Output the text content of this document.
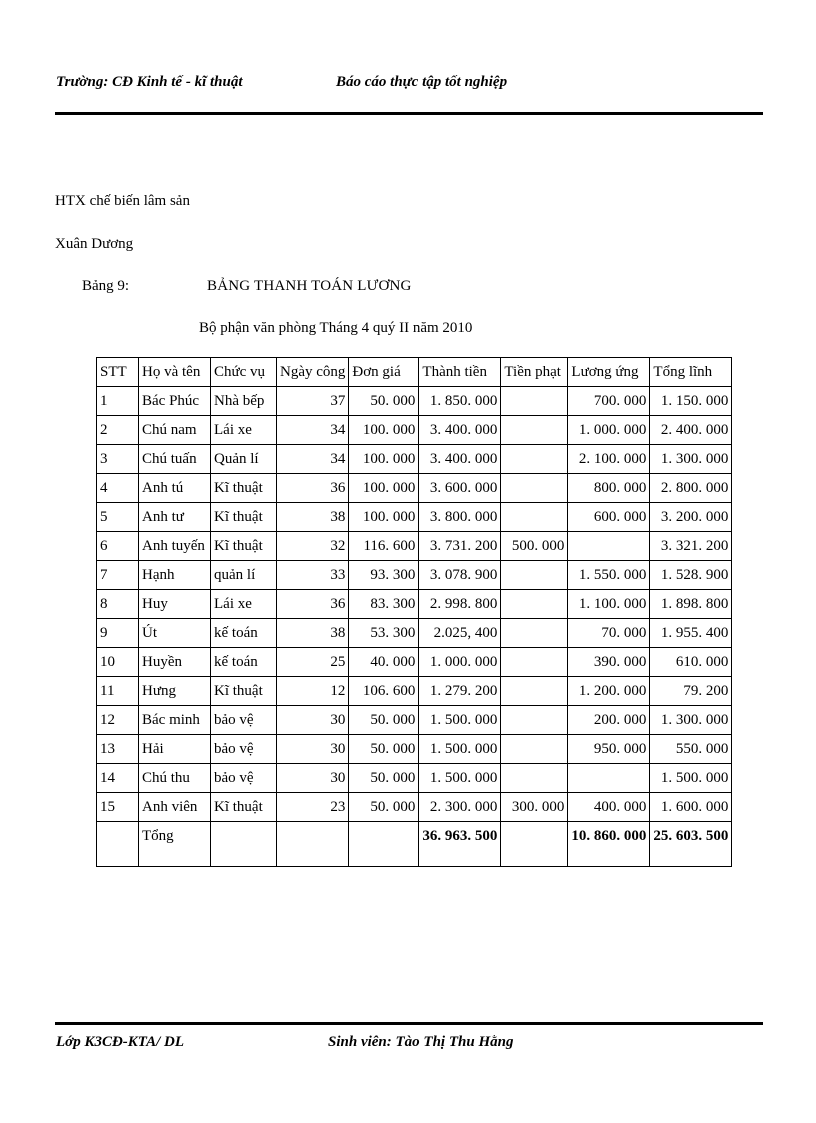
Trường: CĐ Kinh tế - kĩ thuật	Báo cáo thực tập tốt nghiệp
HTX chế biến lâm sản
Xuân Dương
Bảng 9:	BẢNG THANH TOÁN LƯƠNG
Bộ phận văn phòng Tháng 4 quý II năm 2010
STT	Họ và tên	Chức vụ	Ngày công	Đơn giá	Thành tiền	Tiền phạt	Lương ứng	Tổng lĩnh
1	Bác Phúc	Nhà bếp	37	50. 000	1. 850. 000		700. 000	1. 150. 000
2	Chú nam	Lái xe	34	100. 000	3. 400. 000		1. 000. 000	2. 400. 000
3	Chú tuấn	Quản lí	34	100. 000	3. 400. 000		2. 100. 000	1. 300. 000
4	Anh tú	Kĩ thuật	36	100. 000	3. 600. 000		800. 000	2. 800. 000
5	Anh tư	Kĩ thuật	38	100. 000	3. 800. 000		600. 000	3. 200. 000
6	Anh tuyến	Kĩ thuật	32	116. 600	3. 731. 200	500. 000		3. 321. 200
7	Hạnh	quản lí	33	93. 300	3. 078. 900		1. 550. 000	1. 528. 900
8	Huy	Lái xe	36	83. 300	2. 998. 800		1. 100. 000	1. 898. 800
9	Út	kế toán	38	53. 300	2.025, 400		70. 000	1. 955. 400
10	Huyền	kế toán	25	40. 000	1. 000. 000		390. 000	610. 000
11	Hưng	Kĩ thuật	12	106. 600	1. 279. 200		1. 200. 000	79. 200
12	Bác minh	bảo vệ	30	50. 000	1. 500. 000		200. 000	1. 300. 000
13	Hải	bảo vệ	30	50. 000	1. 500. 000		950. 000	550. 000
14	Chú thu	bảo vệ	30	50. 000	1. 500. 000			1. 500. 000
15	Anh viên	Kĩ thuật	23	50. 000	2. 300. 000	300. 000	400. 000	1. 600. 000
	Tổng				36. 963. 500		10. 860. 000	25. 603. 500
Lớp K3CĐ-KTA/ DL	Sinh viên: Tào Thị Thu Hằng
